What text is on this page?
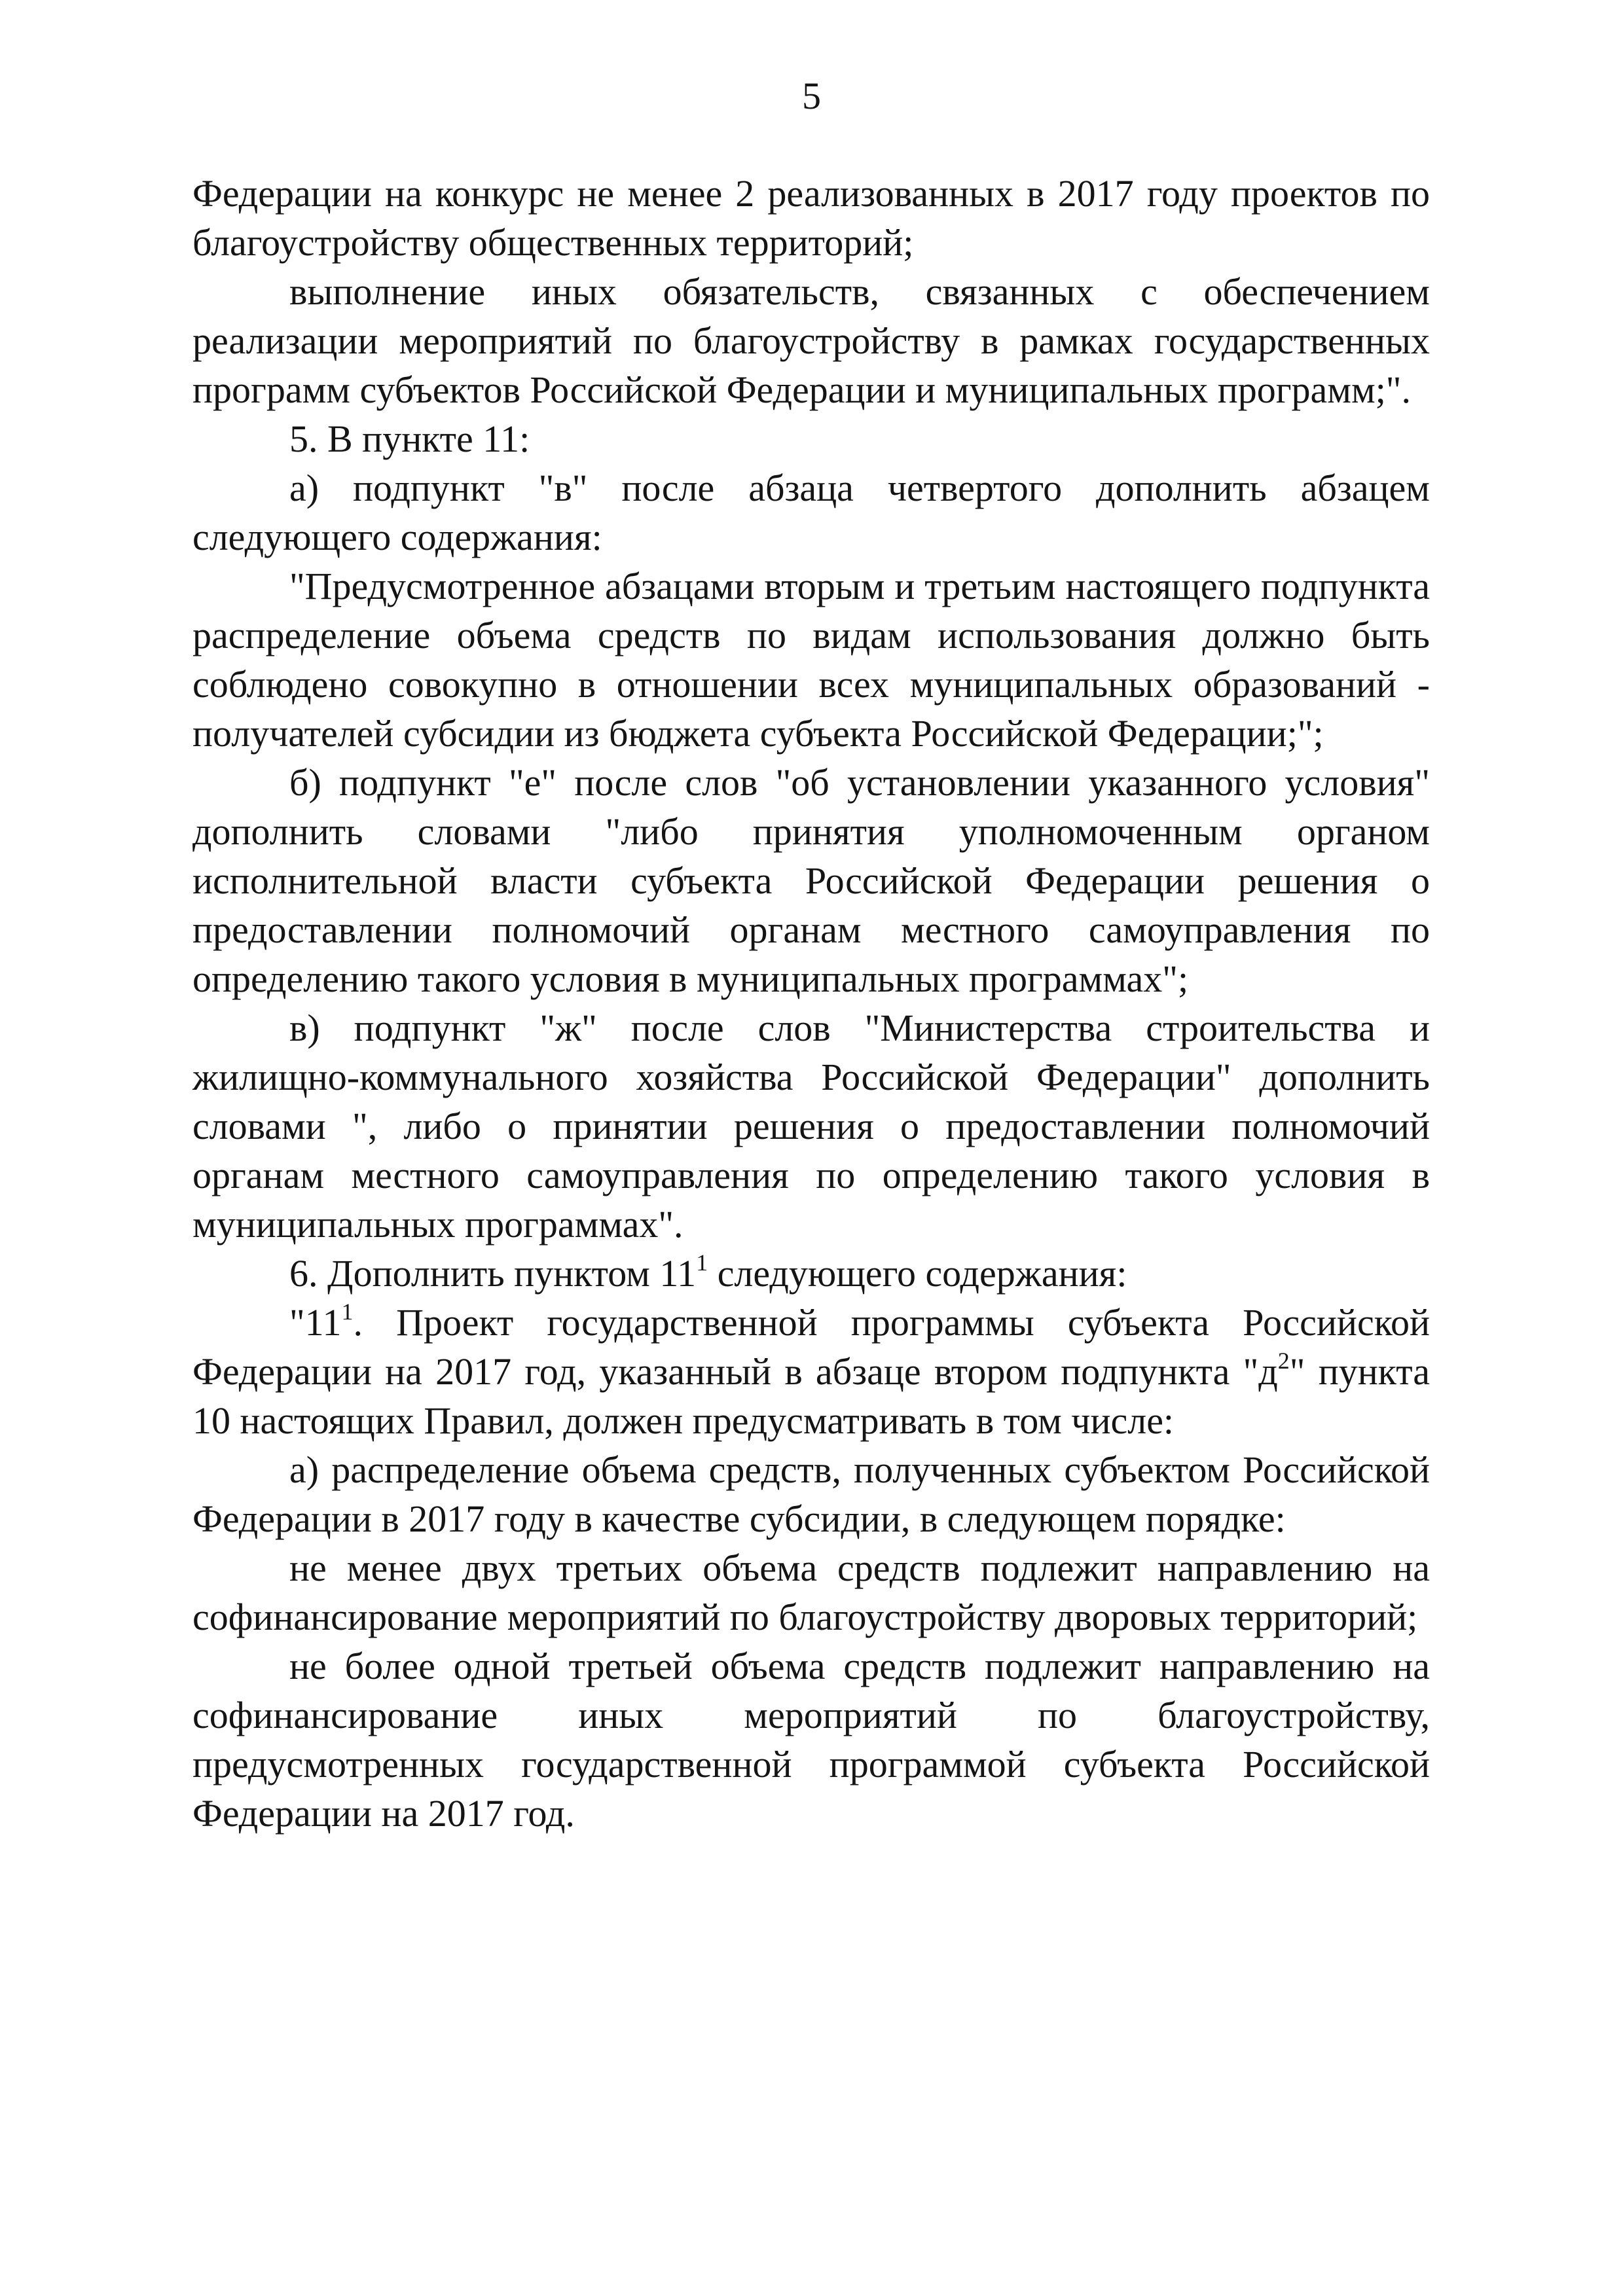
5

Федерации на конкурс не менее 2 реализованных в 2017 году проектов по благоустройству общественных территорий;

выполнение иных обязательств, связанных с обеспечением реализации мероприятий по благоустройству в рамках государственных программ субъектов Российской Федерации и муниципальных программ;".

5. В пункте 11:

а) подпункт "в" после абзаца четвертого дополнить абзацем следующего содержания:

"Предусмотренное абзацами вторым и третьим настоящего подпункта распределение объема средств по видам использования должно быть соблюдено совокупно в отношении всех муниципальных образований - получателей субсидии из бюджета субъекта Российской Федерации;";

б) подпункт "е" после слов "об установлении указанного условия" дополнить словами "либо принятия уполномоченным органом исполнительной власти субъекта Российской Федерации решения о предоставлении полномочий органам местного самоуправления по определению такого условия в муниципальных программах";

в) подпункт "ж" после слов "Министерства строительства и жилищно-коммунального хозяйства Российской Федерации" дополнить словами ", либо о принятии решения о предоставлении полномочий органам местного самоуправления по определению такого условия в муниципальных программах".

6. Дополнить пунктом $11^1$ следующего содержания:

"$11^1$. Проект государственной программы субъекта Российской Федерации на 2017 год, указанный в абзаце втором подпункта "$д^2$" пункта 10 настоящих Правил, должен предусматривать в том числе:

а) распределение объема средств, полученных субъектом Российской Федерации в 2017 году в качестве субсидии, в следующем порядке:

не менее двух третьих объема средств подлежит направлению на софинансирование мероприятий по благоустройству дворовых территорий;

не более одной третьей объема средств подлежит направлению на софинансирование иных мероприятий по благоустройству, предусмотренных государственной программой субъекта Российской Федерации на 2017 год.
